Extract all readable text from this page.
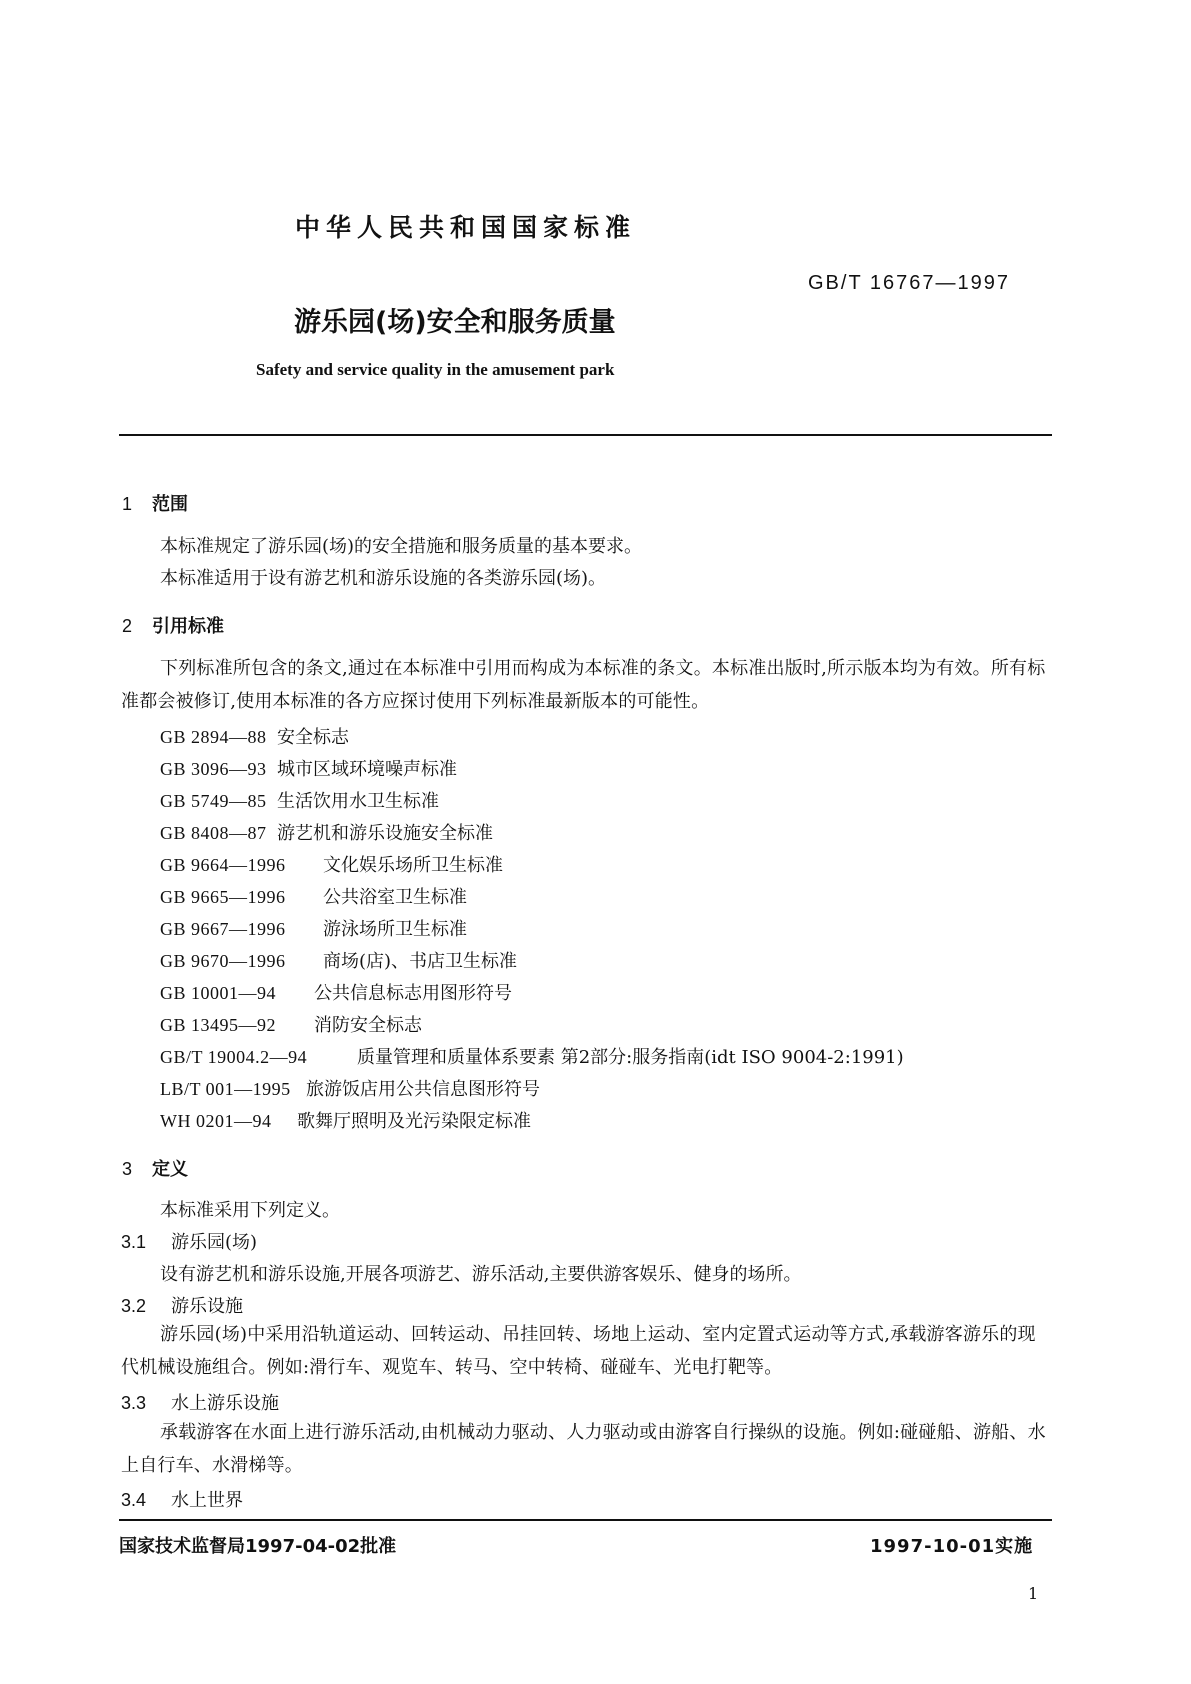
中华人民共和国国家标准
GB/T 16767—1997
游乐园(场)安全和服务质量
Safety and service quality in the amusement park
1 范围
本标准规定了游乐园(场)的安全措施和服务质量的基本要求。
本标准适用于设有游艺机和游乐设施的各类游乐园(场)。
2 引用标准
下列标准所包含的条文,通过在本标准中引用而构成为本标准的条文。本标准出版时,所示版本均为有效。所有标准都会被修订,使用本标准的各方应探讨使用下列标准最新版本的可能性。
GB 2894—88 安全标志
GB 3096—93 城市区域环境噪声标准
GB 5749—85 生活饮用水卫生标准
GB 8408—87 游艺机和游乐设施安全标准
GB 9664—1996 文化娱乐场所卫生标准
GB 9665—1996 公共浴室卫生标准
GB 9667—1996 游泳场所卫生标准
GB 9670—1996 商场(店)、书店卫生标准
GB 10001—94 公共信息标志用图形符号
GB 13495—92 消防安全标志
GB/T 19004.2—94	质量管理和质量体系要素 第2部分:服务指南(idt ISO 9004-2:1991)
LB/T 001—1995 旅游饭店用公共信息图形符号
WH 0201—94 歌舞厅照明及光污染限定标准
3 定义
本标准采用下列定义。
3.1 游乐园(场)
设有游艺机和游乐设施,开展各项游艺、游乐活动,主要供游客娱乐、健身的场所。
3.2 游乐设施
游乐园(场)中采用沿轨道运动、回转运动、吊挂回转、场地上运动、室内定置式运动等方式,承载游客游乐的现代机械设施组合。例如:滑行车、观览车、转马、空中转椅、碰碰车、光电打靶等。
3.3 水上游乐设施
承载游客在水面上进行游乐活动,由机械动力驱动、人力驱动或由游客自行操纵的设施。例如:碰碰船、游船、水上自行车、水滑梯等。
3.4 水上世界
国家技术监督局1997-04-02批准	1997-10-01实施
1
